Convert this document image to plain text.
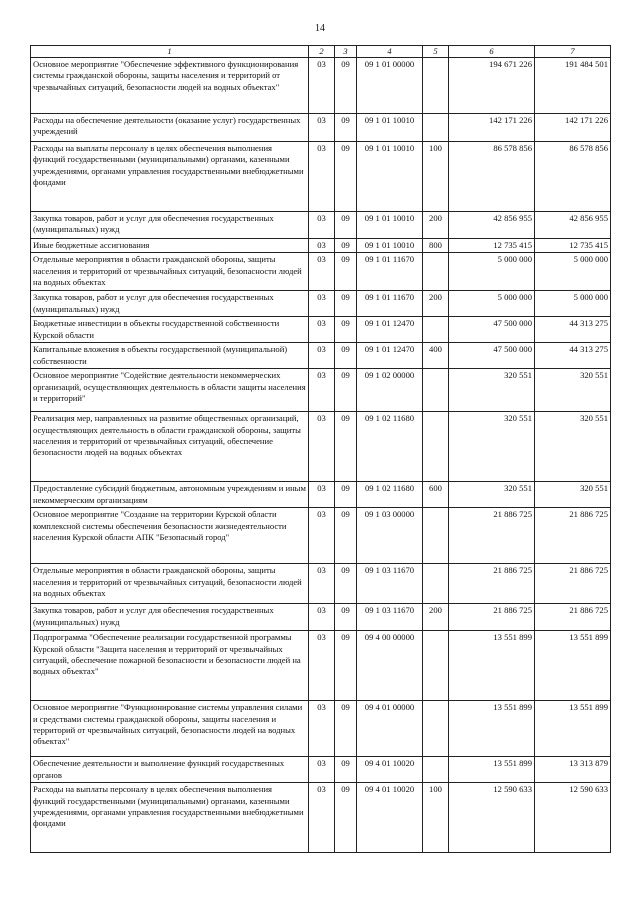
14
1	2	3	4	5	6	7
Основное мероприятие "Обеспечение эффективного функционирования системы гражданской обороны, защиты населения и территорий от чрезвычайных ситуаций, безопасности людей на водных объектах"	03	09	09 1 01 00000		194 671 226	191 484 501
Расходы на обеспечение деятельности (оказание услуг) государственных учреждений	03	09	09 1 01 10010		142 171 226	142 171 226
Расходы на выплаты персоналу в целях обеспечения выполнения функций государственными (муниципальными) органами, казенными учреждениями, органами управления государственными внебюджетными фондами	03	09	09 1 01 10010	100	86 578 856	86 578 856
Закупка товаров, работ и услуг для обеспечения государственных (муниципальных) нужд	03	09	09 1 01 10010	200	42 856 955	42 856 955
Иные бюджетные ассигнования	03	09	09 1 01 10010	800	12 735 415	12 735 415
Отдельные мероприятия в области гражданской обороны, защиты населения и территорий от чрезвычайных ситуаций, безопасности людей на водных объектах	03	09	09 1 01 11670		5 000 000	5 000 000
Закупка товаров, работ и услуг для обеспечения государственных (муниципальных) нужд	03	09	09 1 01 11670	200	5 000 000	5 000 000
Бюджетные инвестиции в объекты государственной собственности Курской области	03	09	09 1 01 12470		47 500 000	44 313 275
Капитальные вложения в объекты государственной (муниципальной) собственности	03	09	09 1 01 12470	400	47 500 000	44 313 275
Основное мероприятие "Содействие деятельности некоммерческих организаций, осуществляющих деятельность в области защиты населения и территорий"	03	09	09 1 02 00000		320 551	320 551
Реализация мер, направленных на развитие общественных организаций, осуществляющих деятельность в области гражданской обороны, защиты населения и территорий от чрезвычайных ситуаций, обеспечение безопасности людей на водных объектах	03	09	09 1 02 11680		320 551	320 551
Предоставление субсидий бюджетным, автономным учреждениям и иным некоммерческим организациям	03	09	09 1 02 11680	600	320 551	320 551
Основное мероприятие "Создание на территории Курской области комплексной системы обеспечения безопасности жизнедеятельности населения Курской области АПК "Безопасный город"	03	09	09 1 03 00000		21 886 725	21 886 725
Отдельные мероприятия в области гражданской обороны, защиты населения и территорий от чрезвычайных ситуаций, безопасности людей на водных объектах	03	09	09 1 03 11670		21 886 725	21 886 725
Закупка товаров, работ и услуг для обеспечения государственных (муниципальных) нужд	03	09	09 1 03 11670	200	21 886 725	21 886 725
Подпрограмма "Обеспечение реализации государственной программы Курской области "Защита населения и территорий от чрезвычайных ситуаций, обеспечение пожарной безопасности и безопасности людей на водных объектах"	03	09	09 4 00 00000		13 551 899	13 551 899
Основное мероприятие "Функционирование системы управления силами и средствами системы гражданской обороны, защиты населения и территорий от чрезвычайных ситуаций, безопасности людей на водных объектах"	03	09	09 4 01 00000		13 551 899	13 551 899
Обеспечение деятельности и выполнение функций государственных органов	03	09	09 4 01 10020		13 551 899	13 313 879
Расходы на выплаты персоналу в целях обеспечения выполнения функций государственными (муниципальными) органами, казенными учреждениями, органами управления государственными внебюджетными фондами	03	09	09 4 01 10020	100	12 590 633	12 590 633
